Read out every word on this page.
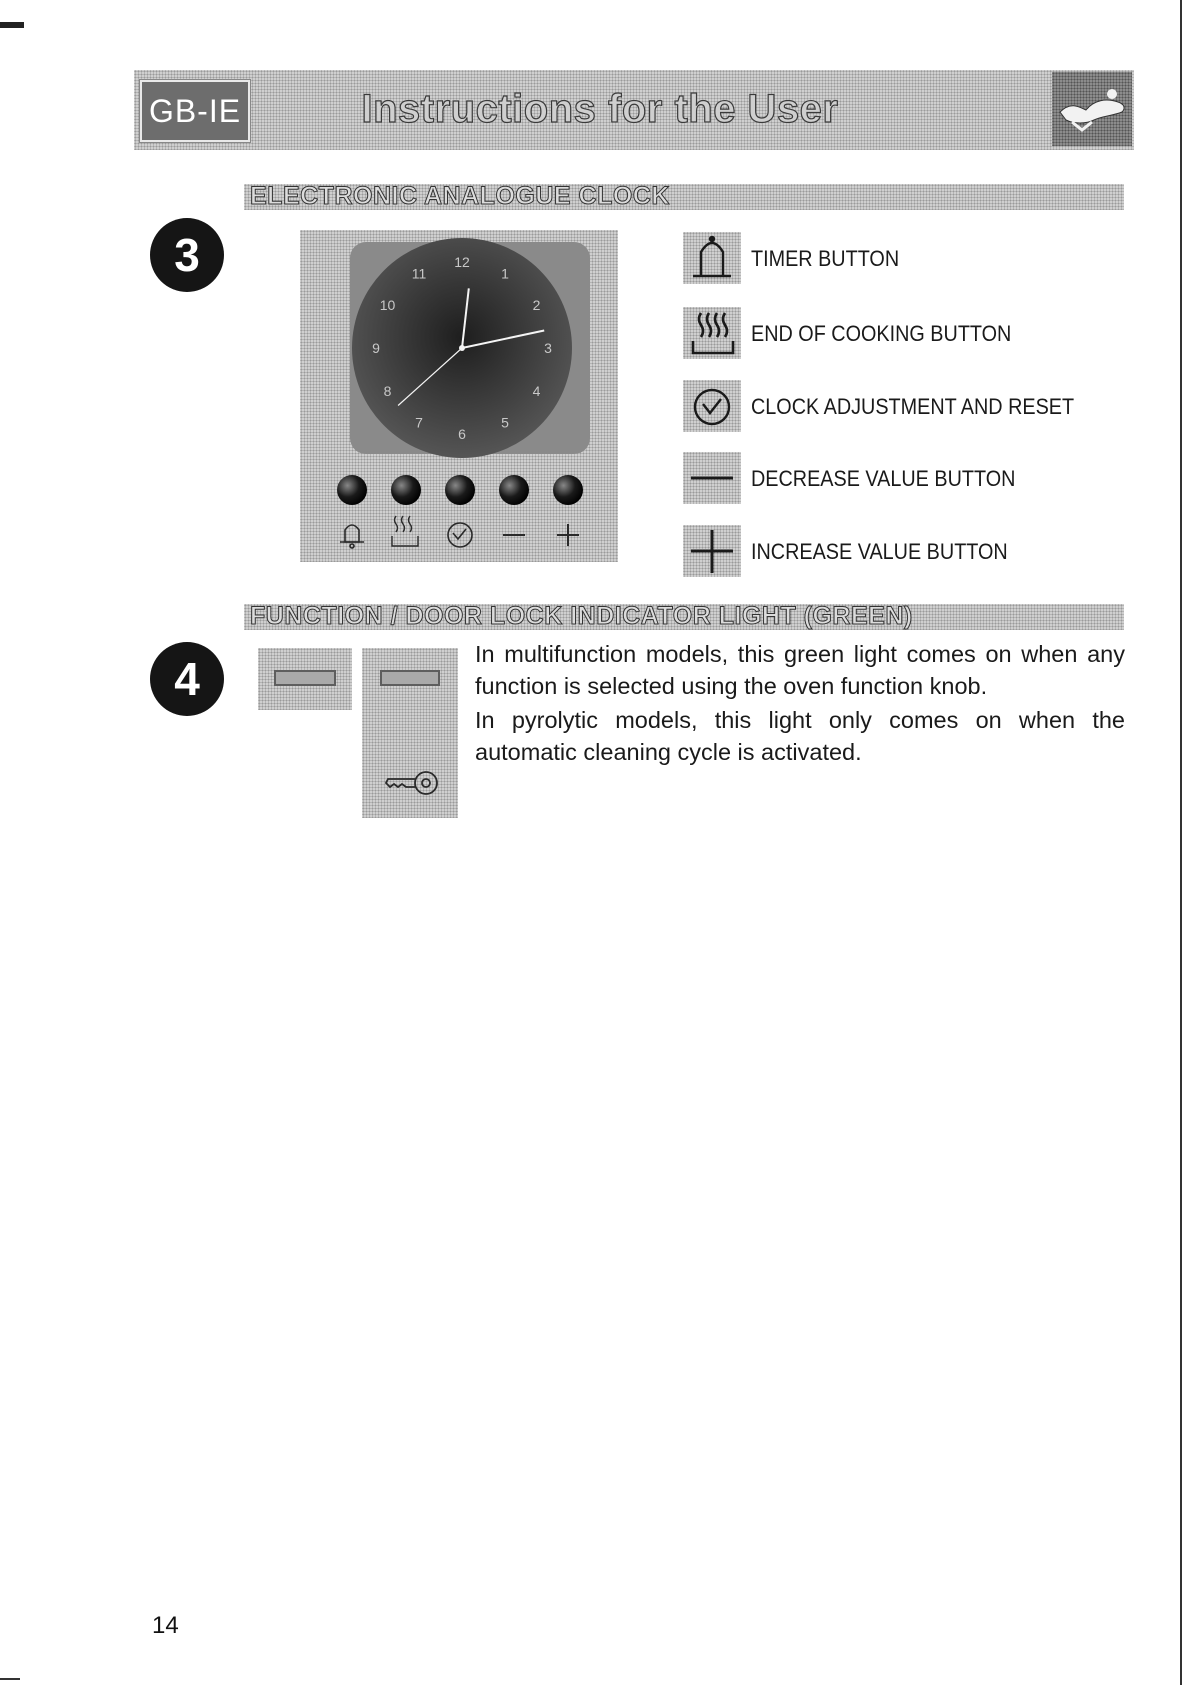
GB-IE	Instructions for the User
3
ELECTRONIC ANALOGUE CLOCK
12
1
2
3
4
5
6
7
8
9
10
11
TIMER BUTTON
END OF COOKING BUTTON
CLOCK ADJUSTMENT AND RESET
DECREASE VALUE BUTTON
INCREASE VALUE BUTTON
4
FUNCTION / DOOR LOCK INDICATOR LIGHT (GREEN)

In multifunction models, this green light comes on when any function is selected using the oven function knob.

In pyrolytic models, this light only comes on when the automatic cleaning cycle is activated.

14
